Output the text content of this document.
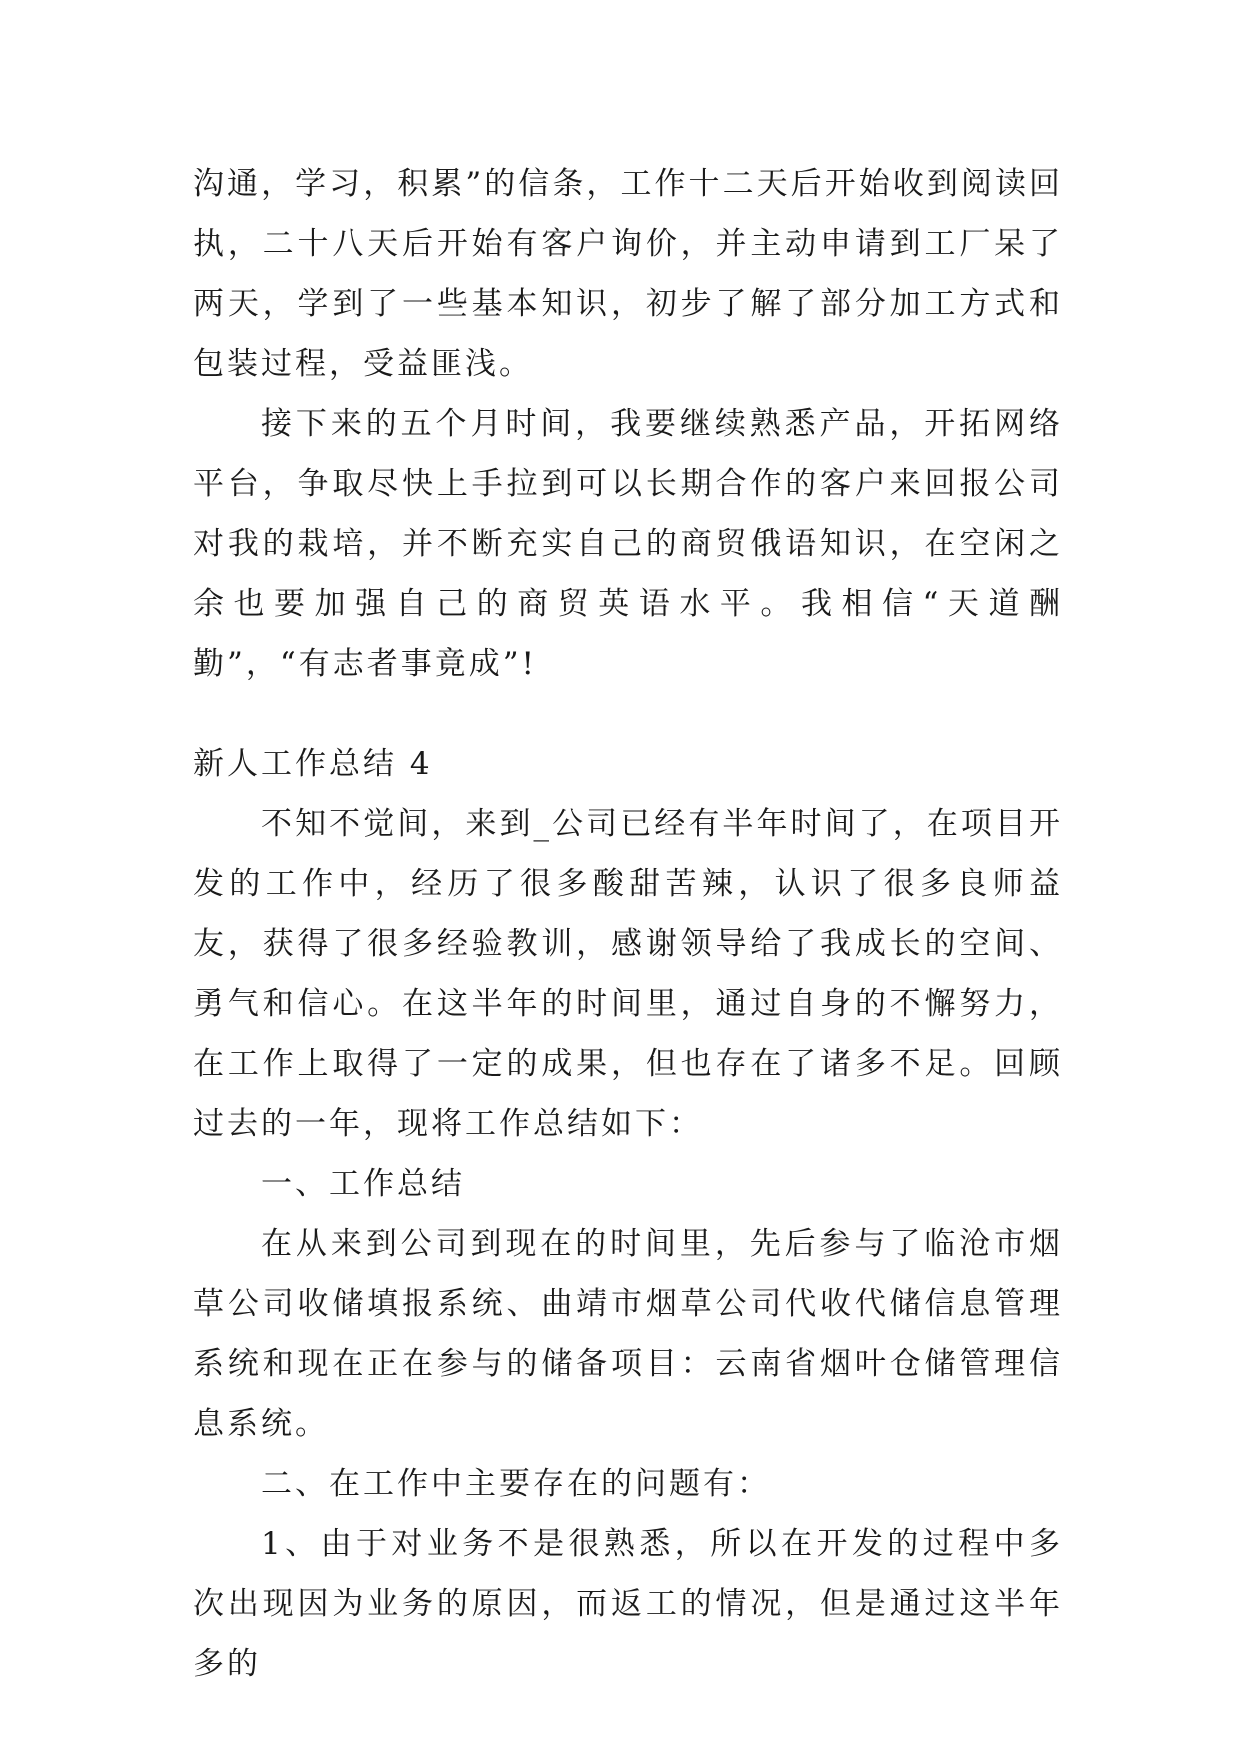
沟通，学习，积累”的信条，工作十二天后开始收到阅读回执，二十八天后开始有客户询价，并主动申请到工厂呆了两天，学到了一些基本知识，初步了解了部分加工方式和包装过程，受益匪浅。

接下来的五个月时间，我要继续熟悉产品，开拓网络平台，争取尽快上手拉到可以长期合作的客户来回报公司对我的栽培，并不断充实自己的商贸俄语知识，在空闲之余也要加强自己的商贸英语水平。我相信“天道酬勤”，“有志者事竟成”!

新人工作总结 4

不知不觉间，来到_公司已经有半年时间了，在项目开发的工作中，经历了很多酸甜苦辣，认识了很多良师益友，获得了很多经验教训，感谢领导给了我成长的空间、勇气和信心。在这半年的时间里，通过自身的不懈努力，在工作上取得了一定的成果，但也存在了诸多不足。回顾过去的一年，现将工作总结如下：

一、工作总结

在从来到公司到现在的时间里，先后参与了临沧市烟草公司收储填报系统、曲靖市烟草公司代收代储信息管理系统和现在正在参与的储备项目：云南省烟叶仓储管理信息系统。

二、在工作中主要存在的问题有：

1、由于对业务不是很熟悉，所以在开发的过程中多次出现因为业务的原因，而返工的情况，但是通过这半年多的
